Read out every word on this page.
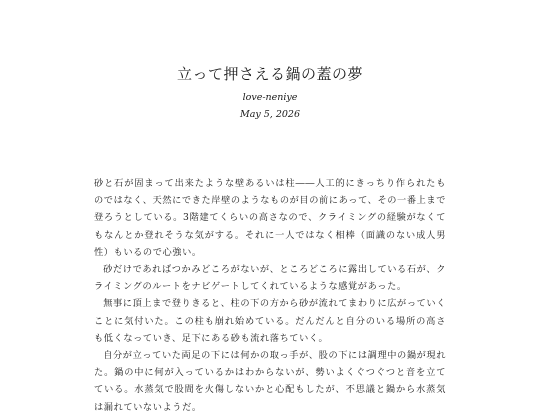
立って押さえる鍋の蓋の夢
love-neniye
May 5, 2026

砂と石が固まって出来たような壁あるいは柱――人工的にきっちり作られたものではなく、天然にできた岸壁のようなものが目の前にあって、その一番上まで登ろうとしている。3階建てくらいの高さなので、クライミングの経験がなくてもなんとか登れそうな気がする。それに一人ではなく相棒（面識のない成人男性）もいるので心強い。

砂だけであればつかみどころがないが、ところどころに露出している石が、クライミングのルートをナビゲートしてくれているような感覚があった。

無事に頂上まで登りきると、柱の下の方から砂が流れてまわりに広がっていくことに気付いた。この柱も崩れ始めている。だんだんと自分のいる場所の高さも低くなっていき、足下にある砂も流れ落ちていく。

自分が立っていた両足の下には何かの取っ手が、股の下には調理中の鍋が現れた。鍋の中に何が入っているかはわからないが、勢いよくぐつぐつと音を立てている。水蒸気で股間を火傷しないかと心配もしたが、不思議と鍋から水蒸気は漏れていないようだ。
